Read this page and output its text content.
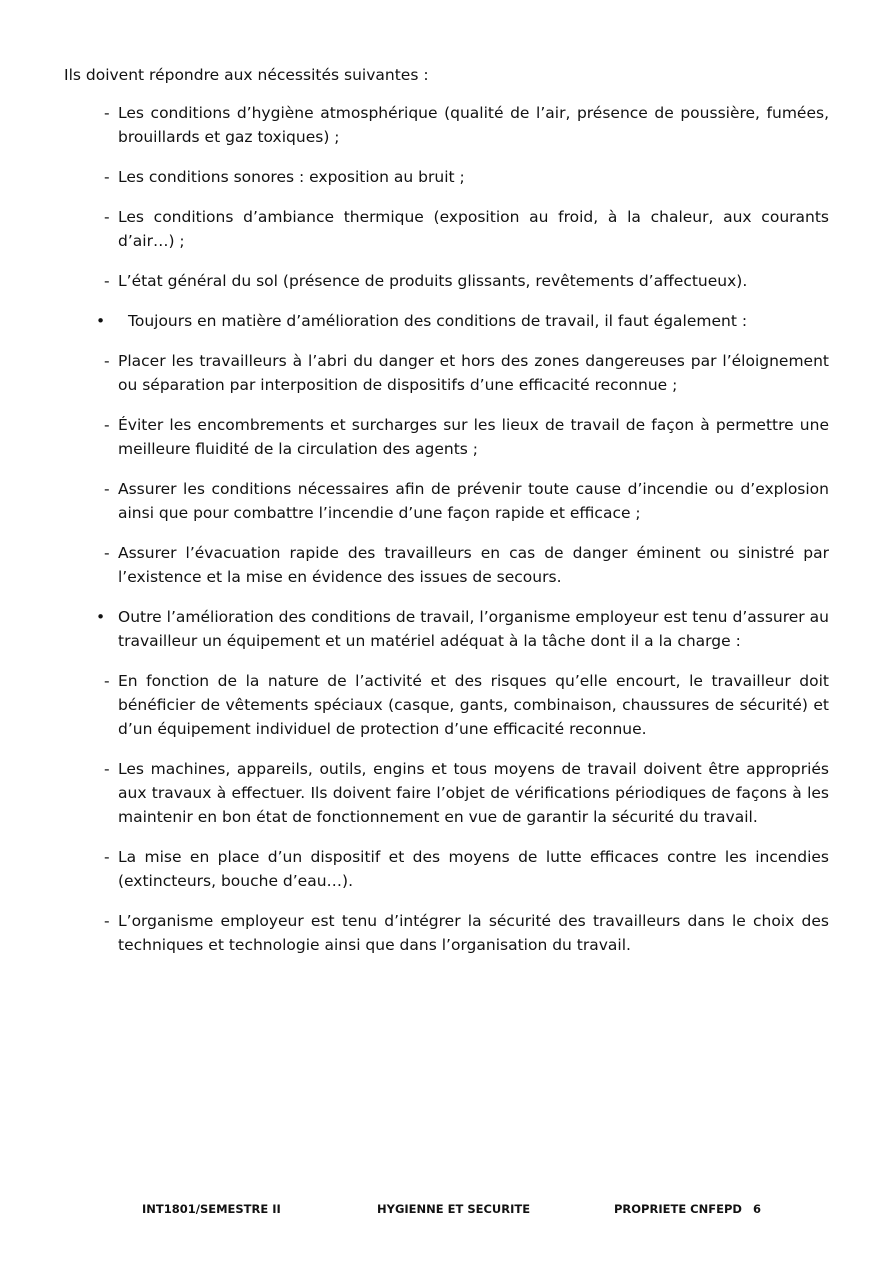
Ils doivent répondre aux nécessités suivantes :

- Les conditions d’hygiène atmosphérique (qualité de l’air, présence de poussière, fumées, brouillards et gaz toxiques) ;

- Les conditions sonores : exposition au bruit ;

- Les conditions d’ambiance thermique (exposition au froid, à la chaleur, aux courants d’air…) ;

- L’état général du sol (présence de produits glissants, revêtements d’affectueux).

•	Toujours en matière d’amélioration des conditions de travail, il faut également :

- Placer les travailleurs à l’abri du danger et hors des zones dangereuses par l’éloignement ou séparation par interposition de dispositifs d’une efficacité reconnue ;

- Éviter les encombrements et surcharges sur les lieux de travail de façon à permettre une meilleure fluidité de la circulation des agents ;

- Assurer les conditions nécessaires afin de prévenir toute cause d’incendie ou d’explosion ainsi que pour combattre l’incendie d’une façon rapide et efficace ;

- Assurer l’évacuation rapide des travailleurs en cas de danger éminent ou sinistré par l’existence et la mise en évidence des issues de secours.

• Outre l’amélioration des conditions de travail, l’organisme employeur est tenu d’assurer au travailleur un équipement et un matériel adéquat à la tâche dont il a la charge :

- En fonction de la nature de l’activité et des risques qu’elle encourt, le travailleur doit bénéficier de vêtements spéciaux (casque, gants, combinaison, chaussures de sécurité) et d’un équipement individuel de protection d’une efficacité reconnue.

- Les machines, appareils, outils, engins et tous moyens de travail doivent être appropriés aux travaux à effectuer. Ils doivent faire l’objet de vérifications périodiques de façons à les maintenir en bon état de fonctionnement en vue de garantir la sécurité du travail.

- La mise en place d’un dispositif et des moyens de lutte efficaces contre les incendies (extincteurs, bouche d’eau…).

- L’organisme employeur est tenu d’intégrer la sécurité des travailleurs dans le choix des techniques et technologie ainsi que dans l’organisation du travail.

INT1801/SEMESTRE II	HYGIENNE ET SECURITE	PROPRIETE CNFEPD 6
